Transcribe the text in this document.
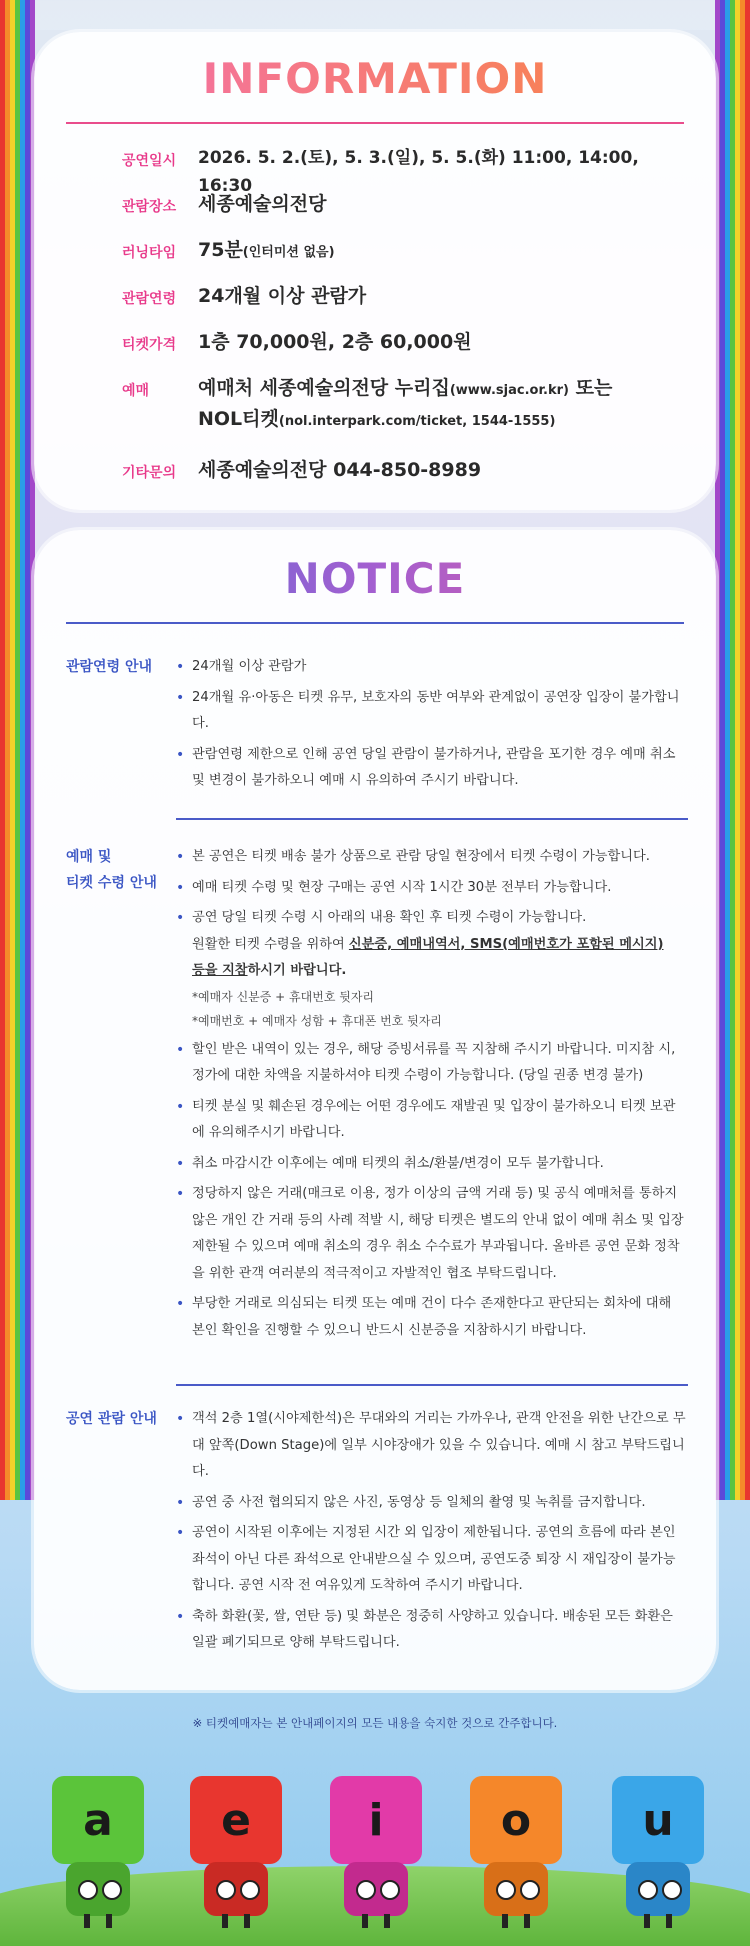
INFORMATION
공연일시 2026. 5. 2.(토), 5. 3.(일), 5. 5.(화) 11:00, 14:00, 16:30
관람장소 세종예술의전당
러닝타임 75분(인터미션 없음)
관람연령 24개월 이상 관람가
티켓가격 1층 70,000원, 2층 60,000원
예매	예매처 세종예술의전당 누리집(www.sjac.or.kr) 또는
NOL티켓(nol.interpark.com/ticket, 1544-1555)
기타문의 세종예술의전당 044-850-8989
NOTICE
관람연령 안내	• 24개월 이상 관람가
• 24개월 유·아동은 티켓 유무, 보호자의 동반 여부와 관계없이 공연장 입장이 불가합니다.
• 관람연령 제한으로 인해 공연 당일 관람이 불가하거나, 관람을 포기한 경우 예매 취소 및 변경이 불가하오니 예매 시 유의하여 주시기 바랍니다.
예매 및
티켓 수령 안내
• 본 공연은 티켓 배송 불가 상품으로 관람 당일 현장에서 티켓 수령이 가능합니다.
• 예매 티켓 수령 및 현장 구매는 공연 시작 1시간 30분 전부터 가능합니다.
• 공연 당일 티켓 수령 시 아래의 내용 확인 후 티켓 수령이 가능합니다.
원활한 티켓 수령을 위하여 신분증, 예매내역서, SMS(예매번호가 포함된 메시지)
등을 지참하시기 바랍니다.
*예매자 신분증 + 휴대번호 뒷자리
*예매번호 + 예매자 성함 + 휴대폰 번호 뒷자리
• 할인 받은 내역이 있는 경우, 해당 증빙서류를 꼭 지참해 주시기 바랍니다. 미지참 시, 정가에 대한 차액을 지불하셔야 티켓 수령이 가능합니다. (당일 권종 변경 불가)
• 티켓 분실 및 훼손된 경우에는 어떤 경우에도 재발권 및 입장이 불가하오니 티켓 보관에 유의해주시기 바랍니다.
• 취소 마감시간 이후에는 예매 티켓의 취소/환불/변경이 모두 불가합니다.
• 정당하지 않은 거래(매크로 이용, 정가 이상의 금액 거래 등) 및 공식 예매처를 통하지 않은 개인 간 거래 등의 사례 적발 시, 해당 티켓은 별도의 안내 없이 예매 취소 및 입장 제한될 수 있으며 예매 취소의 경우 취소 수수료가 부과됩니다. 올바른 공연 문화 정착을 위한 관객 여러분의 적극적이고 자발적인 협조 부탁드립니다.
• 부당한 거래로 의심되는 티켓 또는 예매 건이 다수 존재한다고 판단되는 회차에 대해 본인 확인을 진행할 수 있으니 반드시 신분증을 지참하시기 바랍니다.
공연 관람 안내	• 객석 2층 1열(시야제한석)은 무대와의 거리는 가까우나, 관객 안전을 위한 난간으로 무대 앞쪽(Down Stage)에 일부 시야장애가 있을 수 있습니다. 예매 시 참고 부탁드립니다.
• 공연 중 사전 협의되지 않은 사진, 동영상 등 일체의 촬영 및 녹취를 금지합니다.
• 공연이 시작된 이후에는 지정된 시간 외 입장이 제한됩니다. 공연의 흐름에 따라 본인 좌석이 아닌 다른 좌석으로 안내받으실 수 있으며, 공연도중 퇴장 시 재입장이 불가능합니다. 공연 시작 전 여유있게 도착하여 주시기 바랍니다.
• 축하 화환(꽃, 쌀, 연탄 등) 및 화분은 정중히 사양하고 있습니다. 배송된 모든 화환은 일괄 폐기되므로 양해 부탁드립니다.
※ 티켓예매자는 본 안내페이지의 모든 내용을 숙지한 것으로 간주합니다.
a	e	i	o	u
